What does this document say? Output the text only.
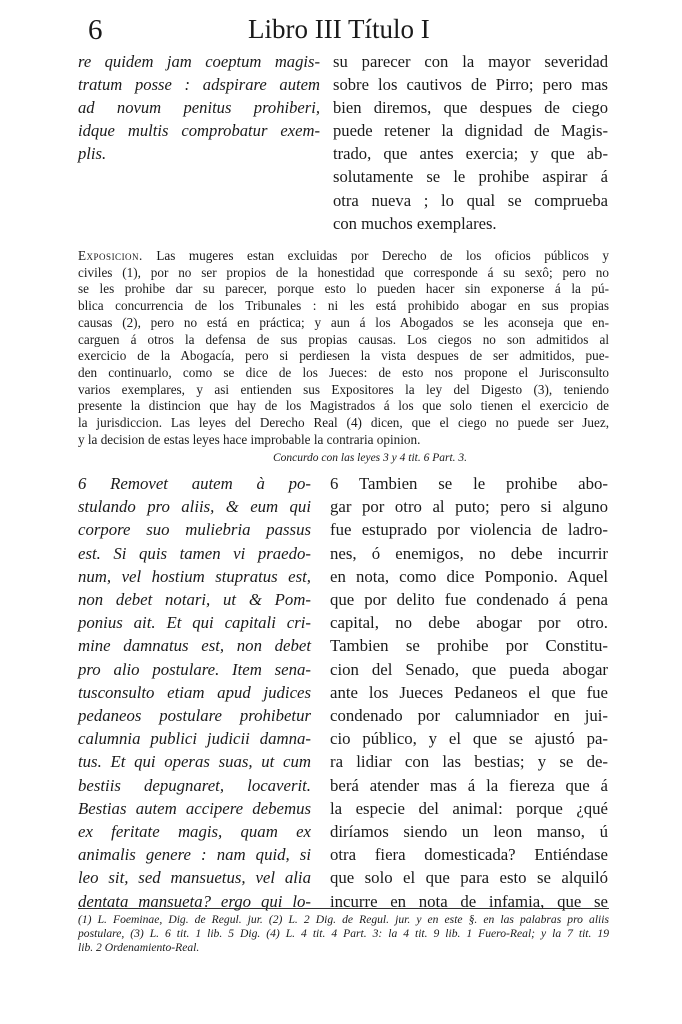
6	Libro III Título I
re quidem jam coeptum magis-
tratum posse : adspirare autem
ad novum penitus prohiberi,
idque multis comprobatur exem-
plis.
su parecer con la mayor severidad
sobre los cautivos de Pirro; pero mas
bien diremos, que despues de ciego
puede retener la dignidad de Magis-
trado, que antes exercia; y que ab-
solutamente se le prohibe aspirar á
otra nueva ; lo qual se comprueba
con muchos exemplares.
Exposicion. Las mugeres estan excluidas por Derecho de los oficios públicos y
civiles (1), por no ser propios de la honestidad que corresponde á su sexô; pero no
se les prohibe dar su parecer, porque esto lo pueden hacer sin exponerse á la pú-
blica concurrencia de los Tribunales : ni les está prohibido abogar en sus propias
causas (2), pero no está en práctica; y aun á los Abogados se les aconseja que en-
carguen á otros la defensa de sus propias causas. Los ciegos no son admitidos al
exercicio de la Abogacía, pero si perdiesen la vista despues de ser admitidos, pue-
den continuarlo, como se dice de los Jueces: de esto nos propone el Jurisconsulto
varios exemplares, y asi entienden sus Expositores la ley del Digesto (3), teniendo
presente la distincion que hay de los Magistrados á los que solo tienen el exercicio de
la jurisdiccion. Las leyes del Derecho Real (4) dicen, que el ciego no puede ser Juez,
y la decision de estas leyes hace improbable la contraria opinion.
Concurdo con las leyes 3 y 4 tit. 6 Part. 3.
6 Removet autem à po-
stulando pro aliis, & eum qui
corpore suo muliebria passus
est. Si quis tamen vi praedo-
num, vel hostium stupratus est,
non debet notari, ut & Pom-
ponius ait. Et qui capitali cri-
mine damnatus est, non debet
pro alio postulare. Item sena-
tusconsulto etiam apud judices
pedaneos postulare prohibetur
calumnia publici judicii damna-
tus. Et qui operas suas, ut cum
bestiis depugnaret, locaverit.
Bestias autem accipere debemus
ex feritate magis, quam ex
animalis genere : nam quid, si
leo sit, sed mansuetus, vel alia
dentata mansueta? ergo qui lo-
6 Tambien se le prohibe abo-
gar por otro al puto; pero si alguno
fue estuprado por violencia de ladro-
nes, ó enemigos, no debe incurrir
en nota, como dice Pomponio. Aquel
que por delito fue condenado á pena
capital, no debe abogar por otro.
Tambien se prohibe por Constitu-
cion del Senado, que pueda abogar
ante los Jueces Pedaneos el que fue
condenado por calumniador en jui-
cio público, y el que se ajustó pa-
ra lidiar con las bestias; y se de-
berá atender mas á la fiereza que á
la especie del animal: porque ¿qué
diríamos siendo un leon manso, ú
otra fiera domesticada? Entiéndase
que solo el que para esto se alquiló
incurre en nota de infamia, que se
(1) L. Foeminae, Dig. de Regul. jur. (2) L. 2 Dig. de Regul. jur. y en este §. en las palabras pro aliis
postulare, (3) L. 6 tit. 1 lib. 5 Dig. (4) L. 4 tit. 4 Part. 3: la 4 tit. 9 lib. 1 Fuero-Real; y la 7 tit. 19
lib. 2 Ordenamiento-Real.
